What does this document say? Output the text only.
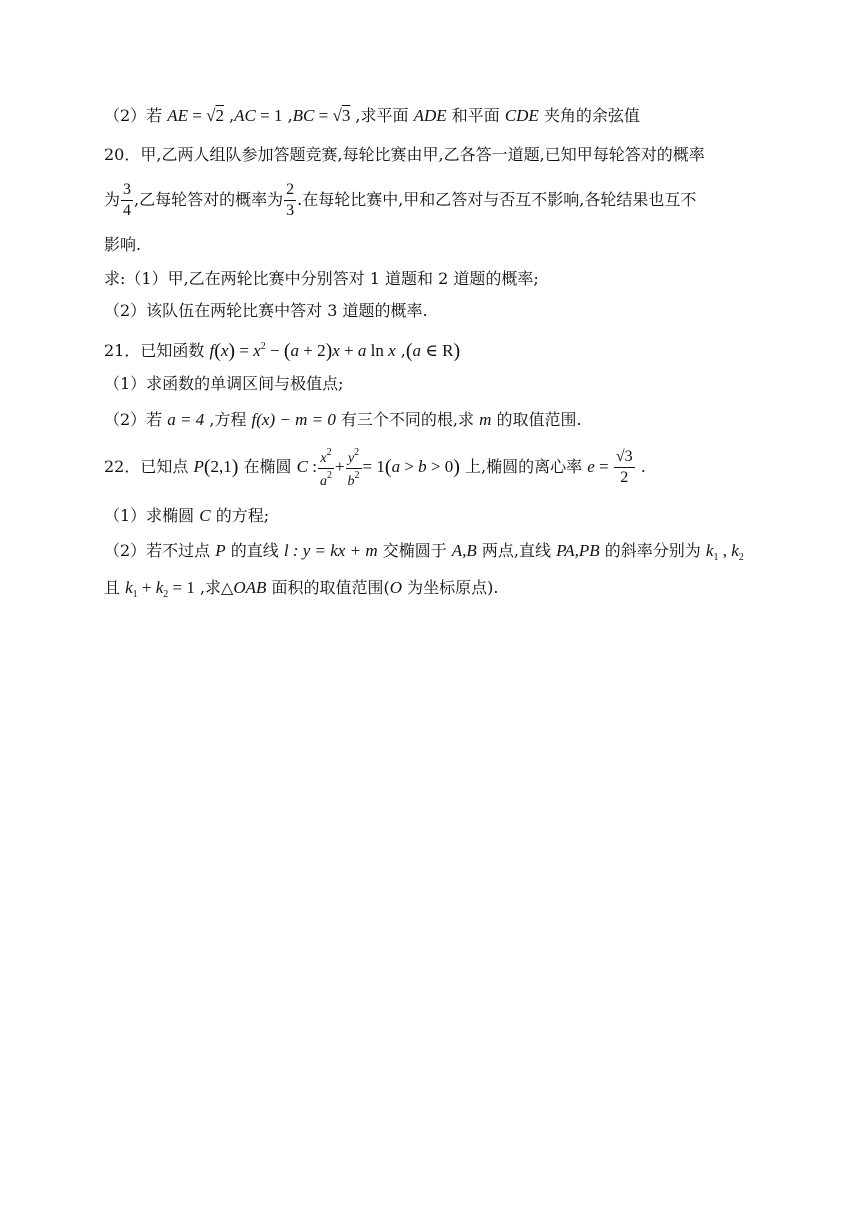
（2）若 AE = √2 ,AC = 1 ,BC = √3 ,求平面 ADE 和平面 CDE 夹角的余弦值
20．甲,乙两人组队参加答题竞赛,每轮比赛由甲,乙各答一道题,已知甲每轮答对的概率
为 $\frac{3}{4}$ ,乙每轮答对的概率为 $\frac{2}{3}$ .在每轮比赛中,甲和乙答对与否互不影响,各轮结果也互不
影响.
求:（1）甲,乙在两轮比赛中分别答对 1 道题和 2 道题的概率;
（2）该队伍在两轮比赛中答对 3 道题的概率.
21．已知函数 $f(x) = x^2 - (a + 2)x + a$ ln x ,(a ∈ R)
（1）求函数的单调区间与极值点;
（2）若 a = 4 ,方程 f(x) − m = 0 有三个不同的根,求 m 的取值范围.
22．已知点 P(2,1) 在椭圆 C : $\frac{x^2}{a^2} + \frac{y^2}{b^2} = 1(a > b > 0)$ 上,椭圆的离心率 $e = \frac{√3}{2}$ .
（1）求椭圆 C 的方程;
（2）若不过点 P 的直线 l : y = kx + m 交椭圆于 A,B 两点,直线 PA,PB 的斜率分别为 $k_1$ , $k_2$
且 $k_1 + k_2 = 1$ ,求△OAB 面积的取值范围(O 为坐标原点).
